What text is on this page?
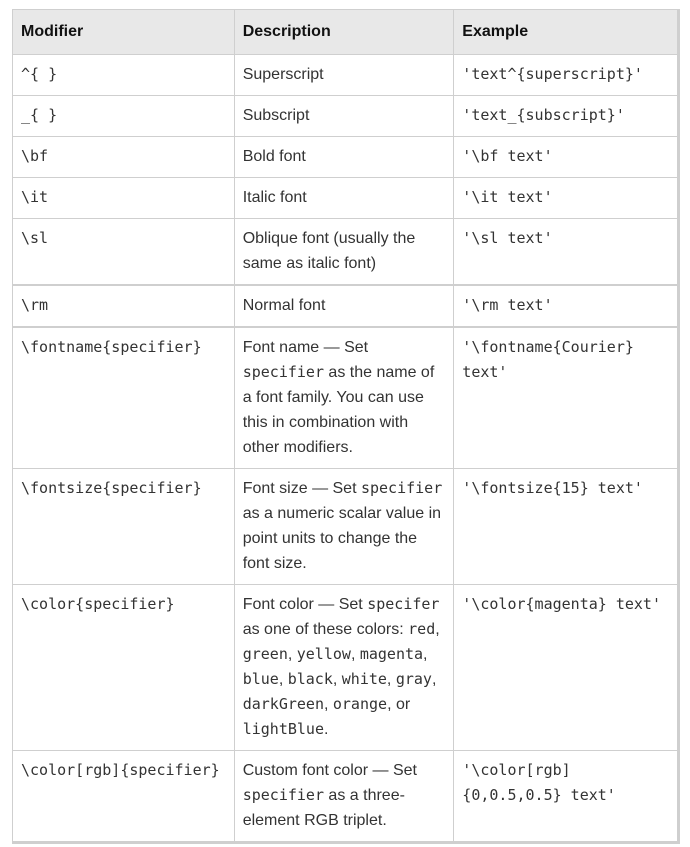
Modifier	Description	Example
^{ }	Superscript	'text^{superscript}'
_{ }	Subscript	'text_{subscript}'
\bf	Bold font	'\bf text'
\it	Italic font	'\it text'
\sl	Oblique font (usually the same as italic font)	'\sl text'
\rm	Normal font	'\rm text'
\fontname{specifier}	Font name — Set specifier as the name of a font family. You can use this in combination with other modifiers.	'\fontname{Courier} text'
\fontsize{specifier}	Font size — Set specifier as a numeric scalar value in point units to change the font size.	'\fontsize{15} text'
\color{specifier}	Font color — Set specifer as one of these colors: red, green, yellow, magenta, blue, black, white, gray, darkGreen, orange, or lightBlue.	'\color{magenta} text'
\color[rgb]{specifier}	Custom font color — Set specifier as a three-element RGB triplet.	'\color[rgb]{0,0.5,0.5} text'
